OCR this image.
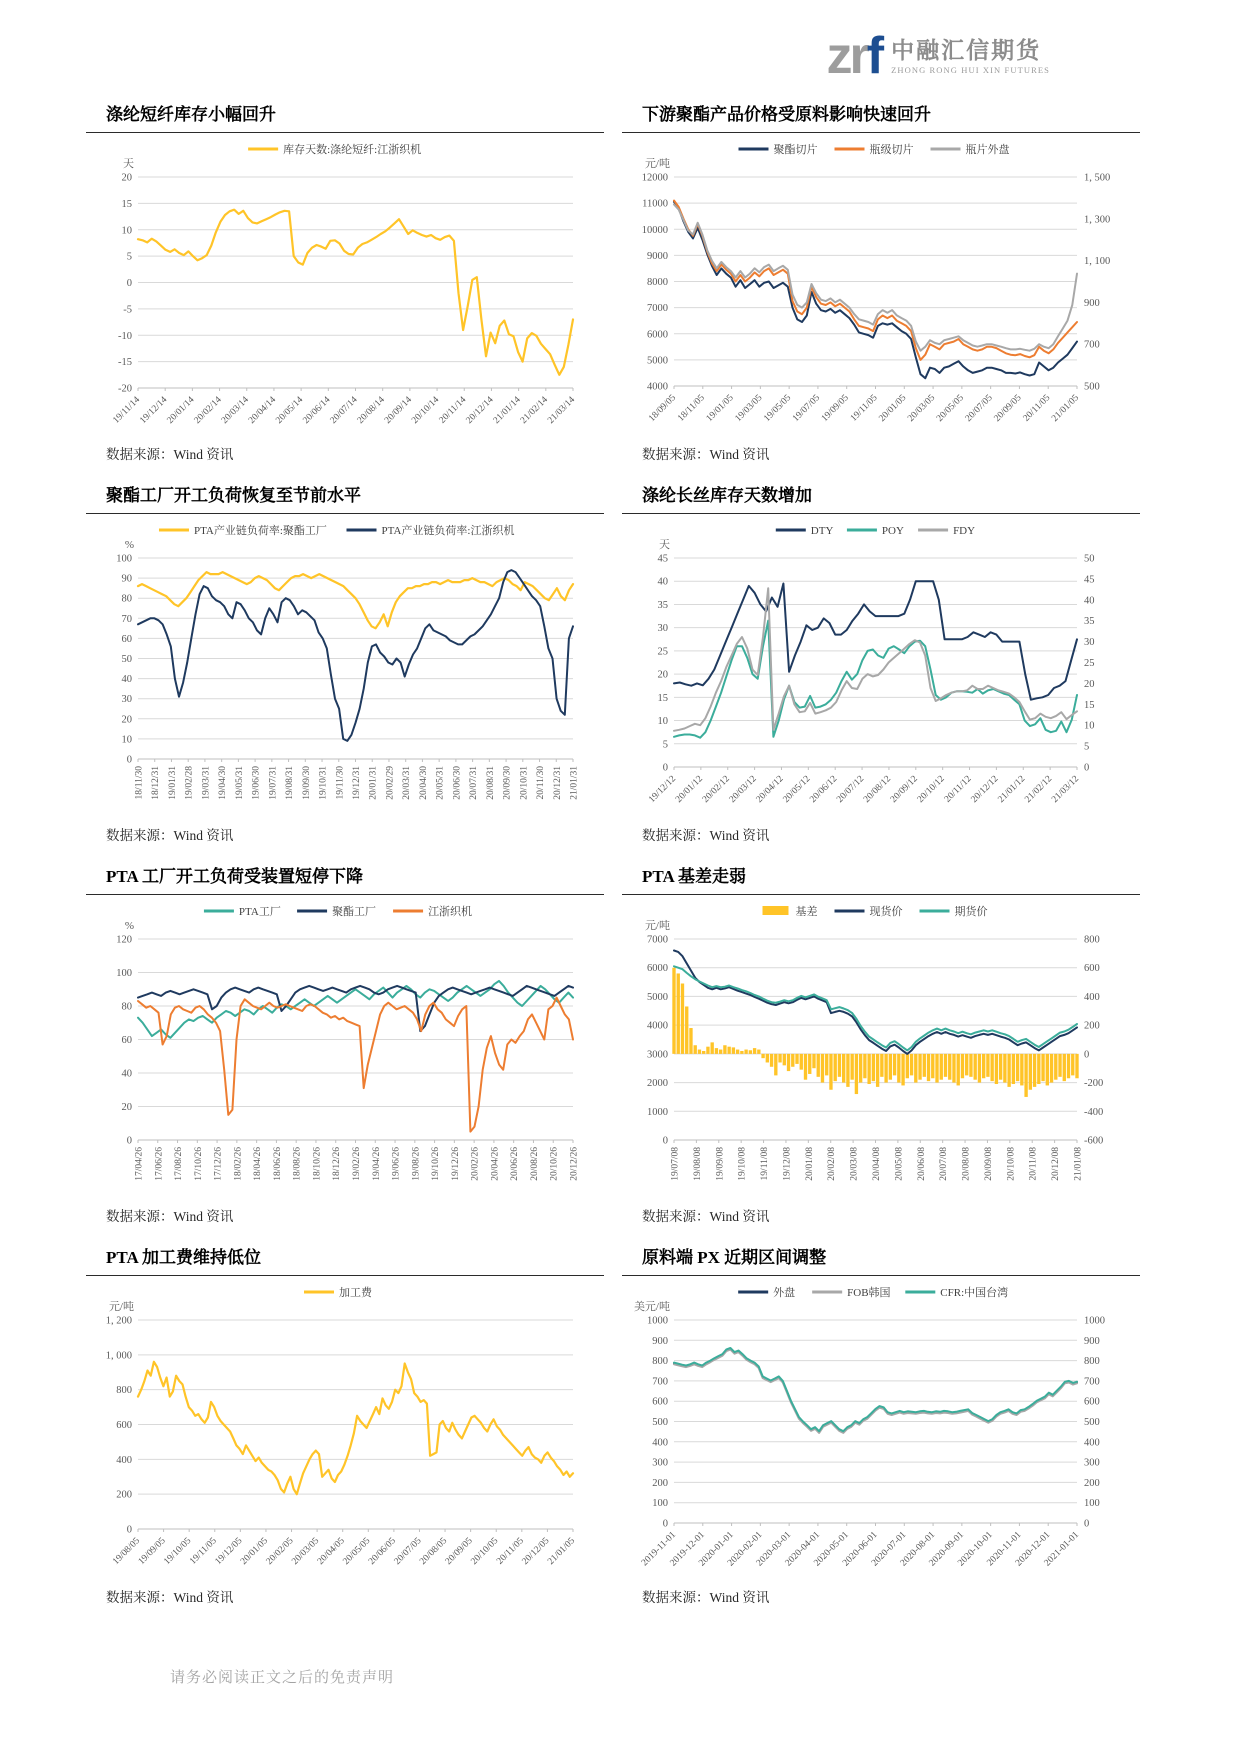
zrf 中融汇信期货
ZHONG RONG HUI XIN FUTURES
涤纶短纤库存小幅回升
-20
-15
-10
-5
0
5
10
15
20
天
19/11/14
19/12/14
20/01/14
20/02/14
20/03/14
20/04/14
20/05/14
20/06/14
20/07/14
20/08/14
20/09/14
20/10/14
20/11/14
20/12/14
21/01/14
21/02/14
21/03/14
库存天数:涤纶短纤:江浙织机
数据来源：Wind 资讯
下游聚酯产品价格受原料影响快速回升
4000
5000
6000
7000
8000
9000
10000
11000
12000
500
700
900
1, 100
1, 300
1, 500
元/吨
18/09/05
18/11/05
19/01/05
19/03/05
19/05/05
19/07/05
19/09/05
19/11/05
20/01/05
20/03/05
20/05/05
20/07/05
20/09/05
20/11/05
21/01/05
聚酯切片	瓶级切片	瓶片外盘
数据来源：Wind 资讯
聚酯工厂开工负荷恢复至节前水平
0
10
20
30
40
50
60
70
80
90
100
%
18/11/30 18/12/31 19/01/31 19/02/28 19/03/31 19/04/30 19/05/31 19/06/30 19/07/31 19/08/31 19/09/30 19/10/31 19/11/30 19/12/31 20/01/31 20/02/29 20/03/31 20/04/30 20/05/31 20/06/30 20/07/31 20/08/31 20/09/30 20/10/31 20/11/30 20/12/31 21/01/31
PTA产业链负荷率:聚酯工厂	PTA产业链负荷率:江浙织机
数据来源：Wind 资讯
涤纶长丝库存天数增加
0
5
10
15
20
25
30
35
40
45
0
5
10
15
20
25
30
35
40
45
50
天
19/12/12
20/01/12
20/02/12
20/03/12
20/04/12
20/05/12
20/06/12
20/07/12
20/08/12
20/09/12
20/10/12
20/11/12
20/12/12
21/01/12
21/02/12
21/03/12
DTY	POY	FDY
数据来源：Wind 资讯
PTA 工厂开工负荷受装置短停下降
0
20
40
60
80
100
120
%
17/04/26 17/06/26 17/08/26 17/10/26 17/12/26 18/02/26 18/04/26 18/06/26 18/08/26 18/10/26 18/12/26 19/02/26 19/04/26 19/06/26 19/08/26 19/10/26 19/12/26 20/02/26 20/04/26 20/06/26 20/08/26 20/10/26 20/12/26
PTA工厂	聚酯工厂	江浙织机
数据来源：Wind 资讯
PTA 基差走弱
0
1000
2000
3000
4000
5000
6000
7000
-600
-400
-200
0
200
400
600
800
元/吨
19/07/08 19/08/08 19/09/08 19/10/08 19/11/08 19/12/08 20/01/08 20/02/08 20/03/08 20/04/08 20/05/08 20/06/08 20/07/08 20/08/08 20/09/08 20/10/08 20/11/08 20/12/08 21/01/08
基差	现货价	期货价
数据来源：Wind 资讯
PTA 加工费维持低位
0
200
400
600
800
1, 000
1, 200
元/吨
19/08/05
19/09/05
19/10/05
19/11/05
19/12/05
20/01/05
20/02/05
20/03/05
20/04/05
20/05/05
20/06/05
20/07/05
20/08/05
20/09/05
20/10/05
20/11/05
20/12/05
21/01/05
加工费
数据来源：Wind 资讯
原料端 PX 近期区间调整
0
100
200
300
400
500
600
700
800
900
1000
0
100
200
300
400
500
600
700
800
900
1000
美元/吨
2019-11-01
2019-12-01
2020-01-01
2020-02-01
2020-03-01
2020-04-01
2020-05-01
2020-06-01
2020-07-01
2020-08-01
2020-09-01
2020-10-01
2020-11-01
2020-12-01
2021-01-01
外盘	FOB韩国	CFR:中国台湾
数据来源：Wind 资讯
请务必阅读正文之后的免责声明
